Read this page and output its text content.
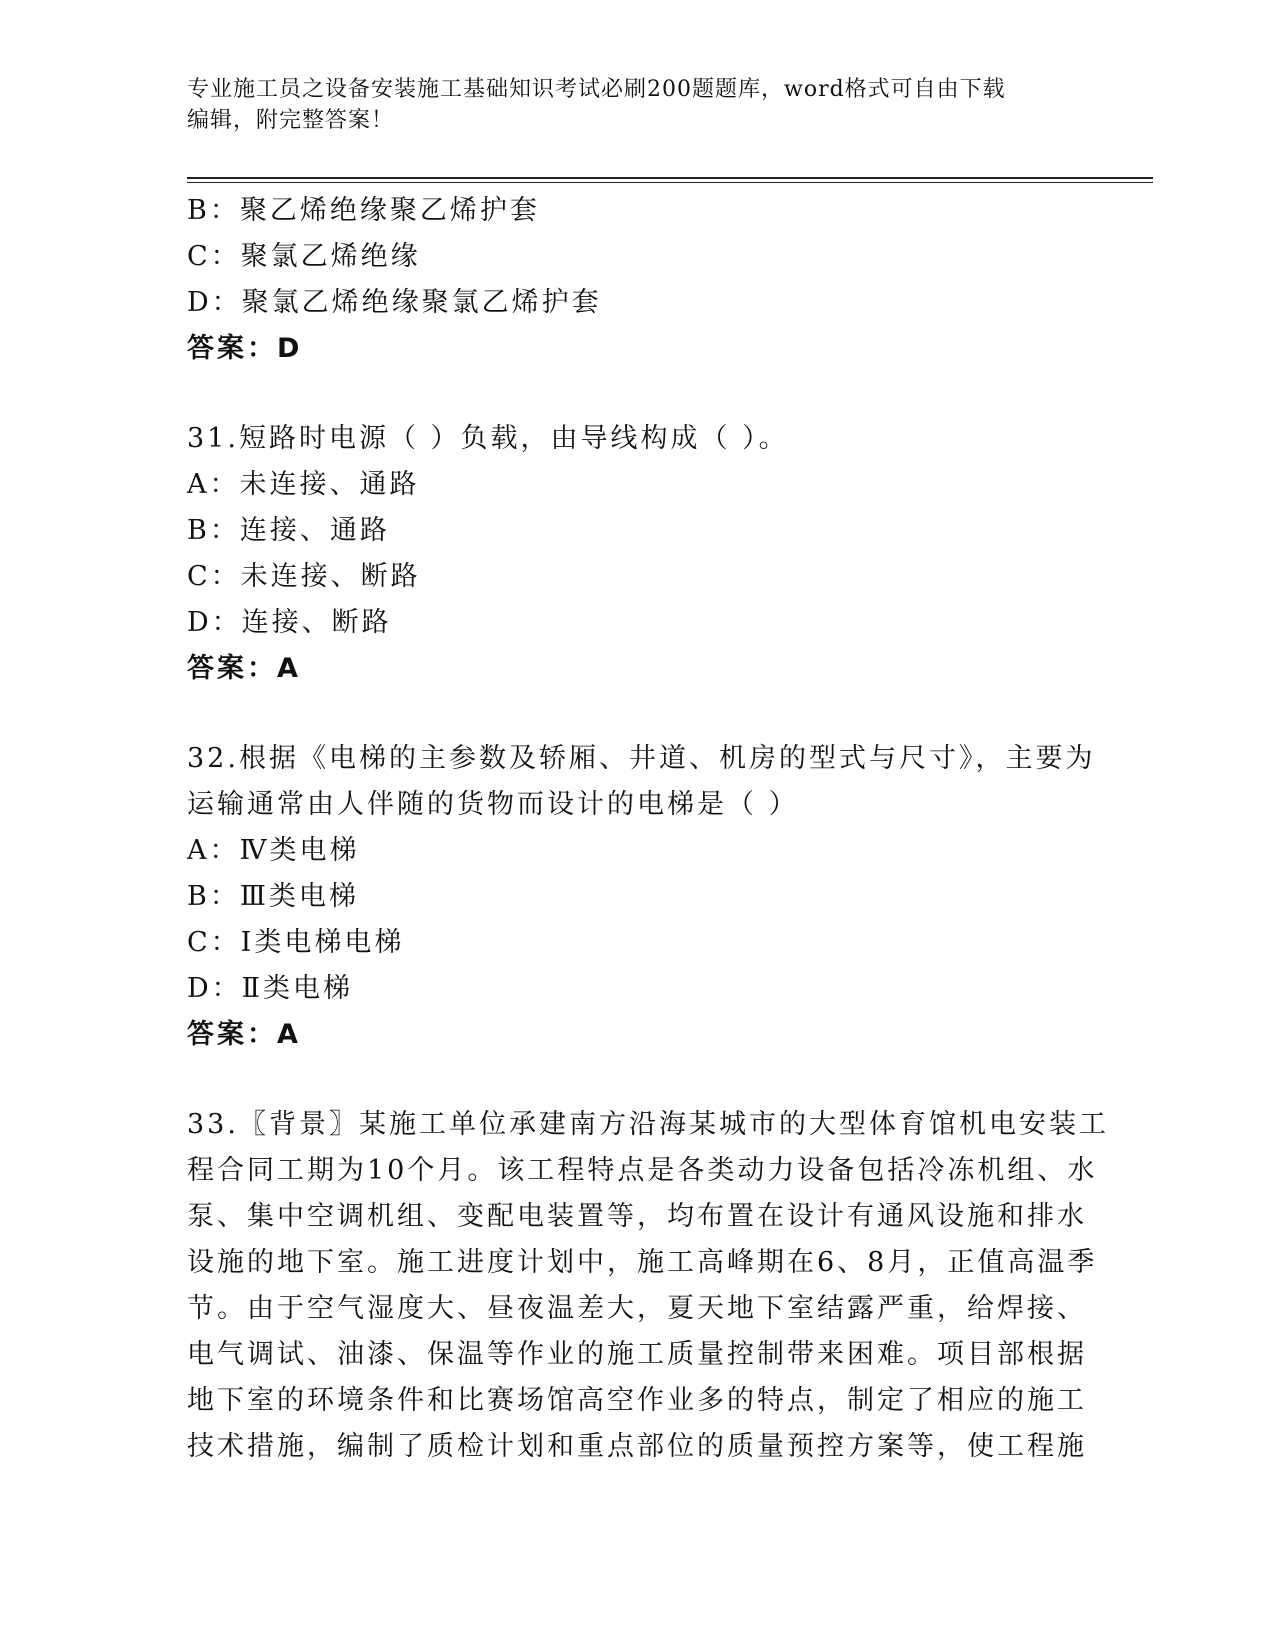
专业施工员之设备安装施工基础知识考试必刷200题题库，word格式可自由下载
编辑，附完整答案！
B：聚乙烯绝缘聚乙烯护套
C：聚氯乙烯绝缘
D：聚氯乙烯绝缘聚氯乙烯护套
答案：D
31.短路时电源（ ）负载，由导线构成（ ）。
A：未连接、通路
B：连接、通路
C：未连接、断路
D：连接、断路
答案：A
32.根据《电梯的主参数及轿厢、井道、机房的型式与尺寸》，主要为
运输通常由人伴随的货物而设计的电梯是（ ）
A：Ⅳ类电梯
B：Ⅲ类电梯
C：Ⅰ类电梯电梯
D：Ⅱ类电梯
答案：A
33.〖背景〗某施工单位承建南方沿海某城市的大型体育馆机电安装工
程合同工期为10个月。该工程特点是各类动力设备包括冷冻机组、水
泵、集中空调机组、变配电装置等，均布置在设计有通风设施和排水
设施的地下室。施工进度计划中，施工高峰期在6、8月，正值高温季
节。由于空气湿度大、昼夜温差大，夏天地下室结露严重，给焊接、
电气调试、油漆、保温等作业的施工质量控制带来困难。项目部根据
地下室的环境条件和比赛场馆高空作业多的特点，制定了相应的施工
技术措施，编制了质检计划和重点部位的质量预控方案等，使工程施
